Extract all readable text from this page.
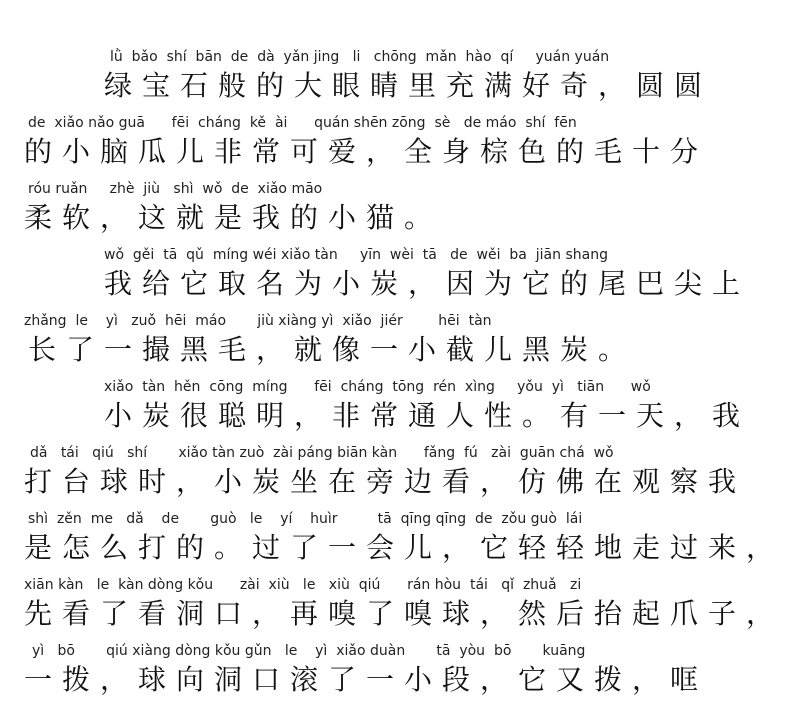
lǜ  bǎo  shí  bān  de  dà  yǎn jing   li   chōng  mǎn  hào  qí     yuán yuán
绿宝石般的大眼睛里充满好奇，圆圆
de  xiǎo nǎo guā      fēi  cháng  kě  ài      quán shēn zōng  sè   de máo  shí  fēn
的小脑瓜儿非常可爱，全身棕色的毛十分
róu ruǎn     zhè  jiù   shì  wǒ  de  xiǎo māo
柔软，这就是我的小猫。
wǒ  gěi  tā  qǔ  míng wéi xiǎo tàn     yīn  wèi  tā   de  wěi  ba  jiān shang
我给它取名为小炭，因为它的尾巴尖上
zhǎng  le    yì   zuǒ  hēi  máo       jiù xiàng yì  xiǎo  jiér        hēi  tàn
长了一撮黑毛，就像一小截儿黑炭。
xiǎo  tàn  hěn  cōng  míng      fēi  cháng  tōng  rén  xìng     yǒu  yì   tiān      wǒ
小炭很聪明，非常通人性。有一天，我
dǎ   tái   qiú   shí       xiǎo tàn zuò  zài páng biān kàn      fǎng  fú   zài  guān chá  wǒ
打台球时，小炭坐在旁边看，仿佛在观察我
shì  zěn  me   dǎ    de       guò   le    yí    huìr         tā  qīng qīng  de  zǒu guò  lái
是怎么打的。过了一会儿，它轻轻地走过来，
xiān kàn   le  kàn dòng kǒu      zài  xiù   le   xiù  qiú      rán hòu  tái   qǐ  zhuǎ   zi
先看了看洞口，再嗅了嗅球，然后抬起爪子，
yì   bō       qiú xiàng dòng kǒu gǔn   le    yì  xiǎo duàn       tā  yòu  bō       kuāng
一拨，球向洞口滚了一小段，它又拨，哐
